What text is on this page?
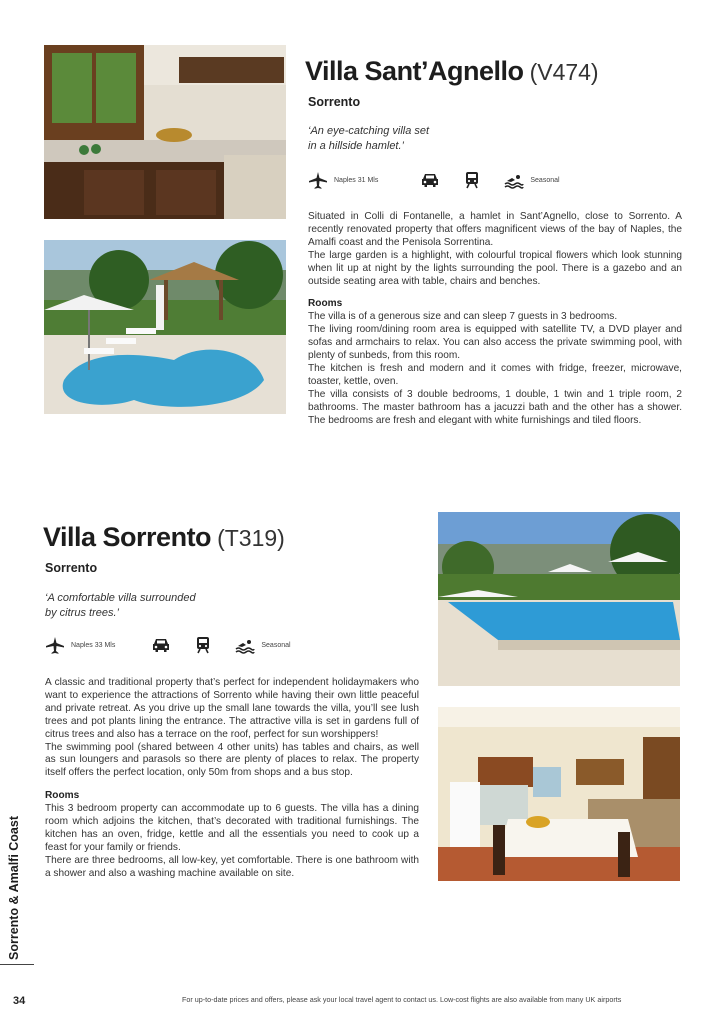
Villa Sant’Agnello (V474)
Sorrento
‘An eye-catching villa set
in a hillside hamlet.’
Naples 31 Mls	Seasonal

Situated in Colli di Fontanelle, a hamlet in Sant’Agnello, close to Sorrento. A recently renovated property that offers magnificent views of the bay of Naples, the Amalfi coast and the Penisola Sorrentina.

The large garden is a highlight, with colourful tropical flowers which look stunning when lit up at night by the lights surrounding the pool. There is a gazebo and an outside seating area with table, chairs and benches.

Rooms

The villa is of a generous size and can sleep 7 guests in 3 bedrooms.

The living room/dining room area is equipped with satellite TV, a DVD player and sofas and armchairs to relax. You can also access the private swimming pool, with plenty of sunbeds, from this room.

The kitchen is fresh and modern and it comes with fridge, freezer, microwave, toaster, kettle, oven.

The villa consists of 3 double bedrooms, 1 double, 1 twin and 1 triple room, 2 bathrooms. The master bathroom has a jacuzzi bath and the other has a shower. The bedrooms are fresh and elegant with white furnishings and tiled floors.

Villa Sorrento (T319)
Sorrento
‘A comfortable villa surrounded
by citrus trees.’
Naples 33 Mls	Seasonal

A classic and traditional property that’s perfect for independent holidaymakers who want to experience the attractions of Sorrento while having their own little peaceful and private retreat. As you drive up the small lane towards the villa, you’ll see lush trees and pot plants lining the entrance. The attractive villa is set in gardens full of citrus trees and also has a terrace on the roof, perfect for sun worshippers!

The swimming pool (shared between 4 other units) has tables and chairs, as well as sun loungers and parasols so there are plenty of places to relax. The property itself offers the perfect location, only 50m from shops and a bus stop.

Rooms

This 3 bedroom property can accommodate up to 6 guests. The villa has a dining room which adjoins the kitchen, that’s decorated with traditional furnishings. The kitchen has an oven, fridge, kettle and all the essentials you need to cook up a feast for your family or friends.

There are three bedrooms, all low-key, yet comfortable. There is one bathroom with a shower and also a washing machine available on site.

Sorrento & Amalfi Coast
34	For up-to-date prices and offers, please ask your local travel agent to contact us. Low-cost flights are also available from many UK airports
